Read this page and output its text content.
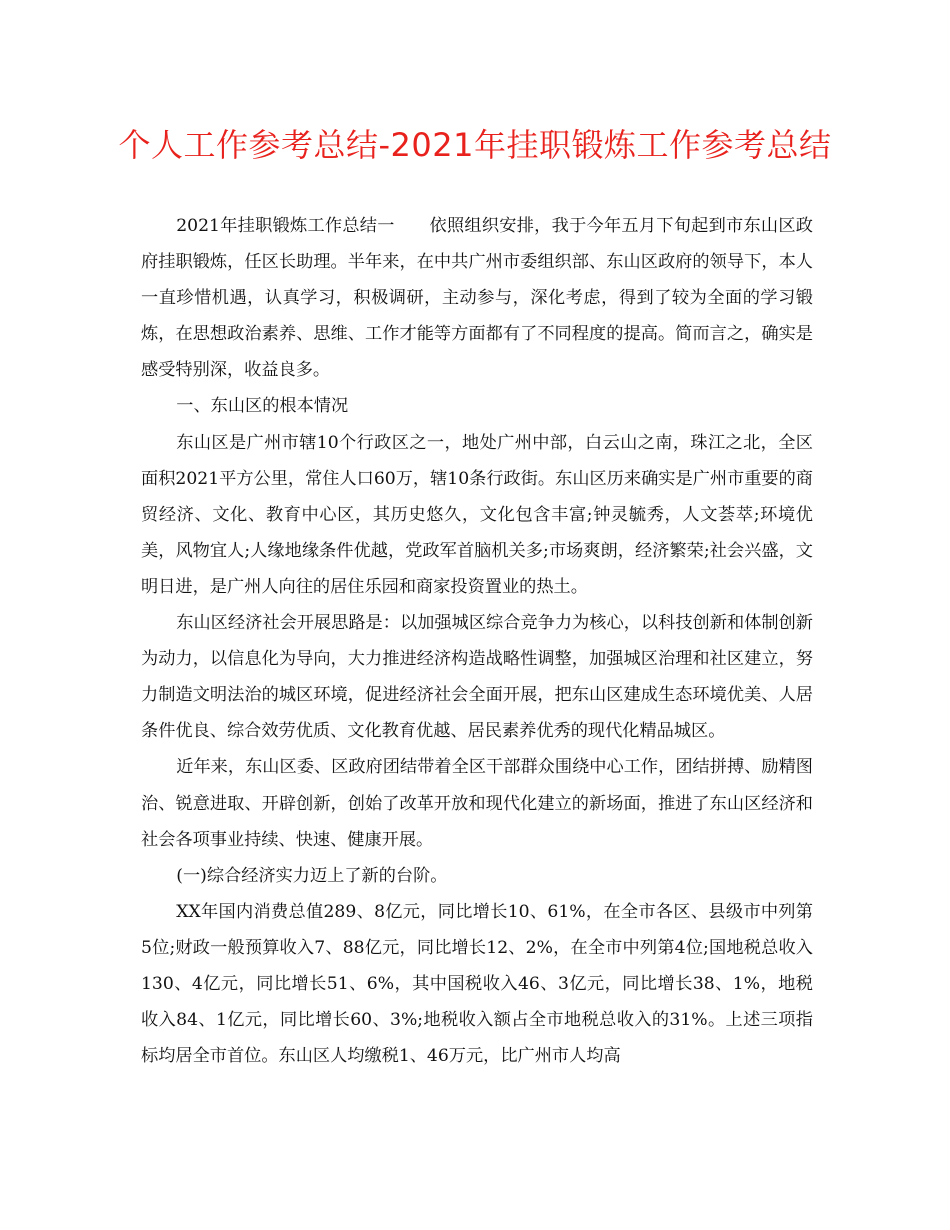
个人工作参考总结-2021年挂职锻炼工作参考总结

2021年挂职锻炼工作总结一　　依照组织安排，我于今年五月下旬起到市东山区政府挂职锻炼，任区长助理。半年来，在中共广州市委组织部、东山区政府的领导下，本人一直珍惜机遇，认真学习，积极调研，主动参与，深化考虑，得到了较为全面的学习锻炼，在思想政治素养、思维、工作才能等方面都有了不同程度的提高。简而言之，确实是感受特别深，收益良多。

一、东山区的根本情况

东山区是广州市辖10个行政区之一，地处广州中部，白云山之南，珠江之北，全区面积2021平方公里，常住人口60万，辖10条行政街。东山区历来确实是广州市重要的商贸经济、文化、教育中心区，其历史悠久，文化包含丰富;钟灵毓秀，人文荟萃;环境优美，风物宜人;人缘地缘条件优越，党政军首脑机关多;市场爽朗，经济繁荣;社会兴盛，文明日进，是广州人向往的居住乐园和商家投资置业的热土。

东山区经济社会开展思路是：以加强城区综合竞争力为核心，以科技创新和体制创新为动力，以信息化为导向，大力推进经济构造战略性调整，加强城区治理和社区建立，努力制造文明法治的城区环境，促进经济社会全面开展，把东山区建成生态环境优美、人居条件优良、综合效劳优质、文化教育优越、居民素养优秀的现代化精品城区。

近年来，东山区委、区政府团结带着全区干部群众围绕中心工作，团结拼搏、励精图治、锐意进取、开辟创新，创始了改革开放和现代化建立的新场面，推进了东山区经济和社会各项事业持续、快速、健康开展。

(一)综合经济实力迈上了新的台阶。

XX年国内消费总值289、8亿元，同比增长10、61%，在全市各区、县级市中列第5位;财政一般预算收入7、88亿元，同比增长12、2%，在全市中列第4位;国地税总收入130、4亿元，同比增长51、6%，其中国税收入46、3亿元，同比增长38、1%，地税收入84、1亿元，同比增长60、3%;地税收入额占全市地税总收入的31%。上述三项指标均居全市首位。东山区人均缴税1、46万元，比广州市人均高
